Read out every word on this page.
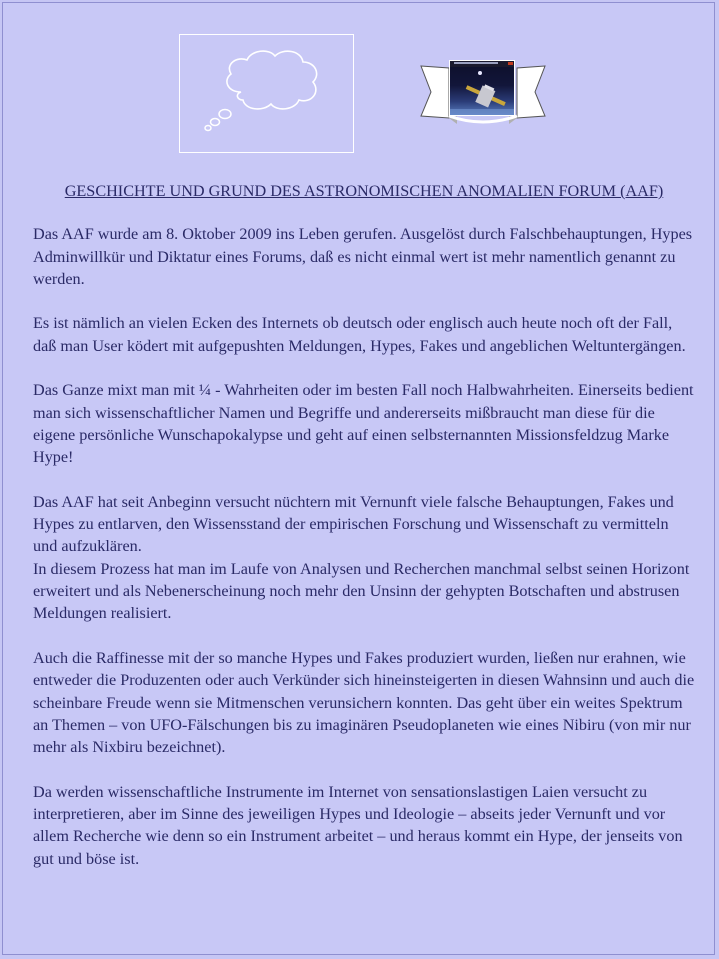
GESCHICHTE UND GRUND DES ASTRONOMISCHEN ANOMALIEN FORUM (AAF)

Das AAF wurde am 8. Oktober 2009 ins Leben gerufen. Ausgelöst durch Falschbehauptungen, Hypes Adminwillkür und Diktatur eines Forums, daß es nicht einmal wert ist mehr namentlich genannt zu werden.

Es ist nämlich an vielen Ecken des Internets ob deutsch oder englisch auch heute noch oft der Fall, daß man User ködert mit aufgepushten Meldungen, Hypes, Fakes und angeblichen Weltuntergängen.

Das Ganze mixt man mit ¼ - Wahrheiten oder im besten Fall noch Halbwahrheiten. Einerseits bedient man sich wissenschaftlicher Namen und Begriffe und andererseits mißbraucht man diese für die eigene persönliche Wunschapokalypse und geht auf einen selbsternannten Missionsfeldzug Marke Hype!

Das AAF hat seit Anbeginn versucht nüchtern mit Vernunft viele falsche Behauptungen, Fakes und Hypes zu entlarven, den Wissensstand der empirischen Forschung und Wissenschaft zu vermitteln und aufzuklären.

In diesem Prozess hat man im Laufe von Analysen und Recherchen manchmal selbst seinen Horizont erweitert und als Nebenerscheinung noch mehr den Unsinn der gehypten Botschaften und abstrusen Meldungen realisiert.

Auch die Raffinesse mit der so manche Hypes und Fakes produziert wurden, ließen nur erahnen, wie entweder die Produzenten oder auch Verkünder sich hineinsteigerten in diesen Wahnsinn und auch die scheinbare Freude wenn sie Mitmenschen verunsichern konnten. Das geht über ein weites Spektrum an Themen – von UFO-Fälschungen bis zu imaginären Pseudoplaneten wie eines Nibiru (von mir nur mehr als Nixbiru bezeichnet).

Da werden wissenschaftliche Instrumente im Internet von sensationslastigen Laien versucht zu interpretieren, aber im Sinne des jeweiligen Hypes und Ideologie – abseits jeder Vernunft und vor allem Recherche wie denn so ein Instrument arbeitet – und heraus kommt ein Hype, der jenseits von gut und böse ist.
